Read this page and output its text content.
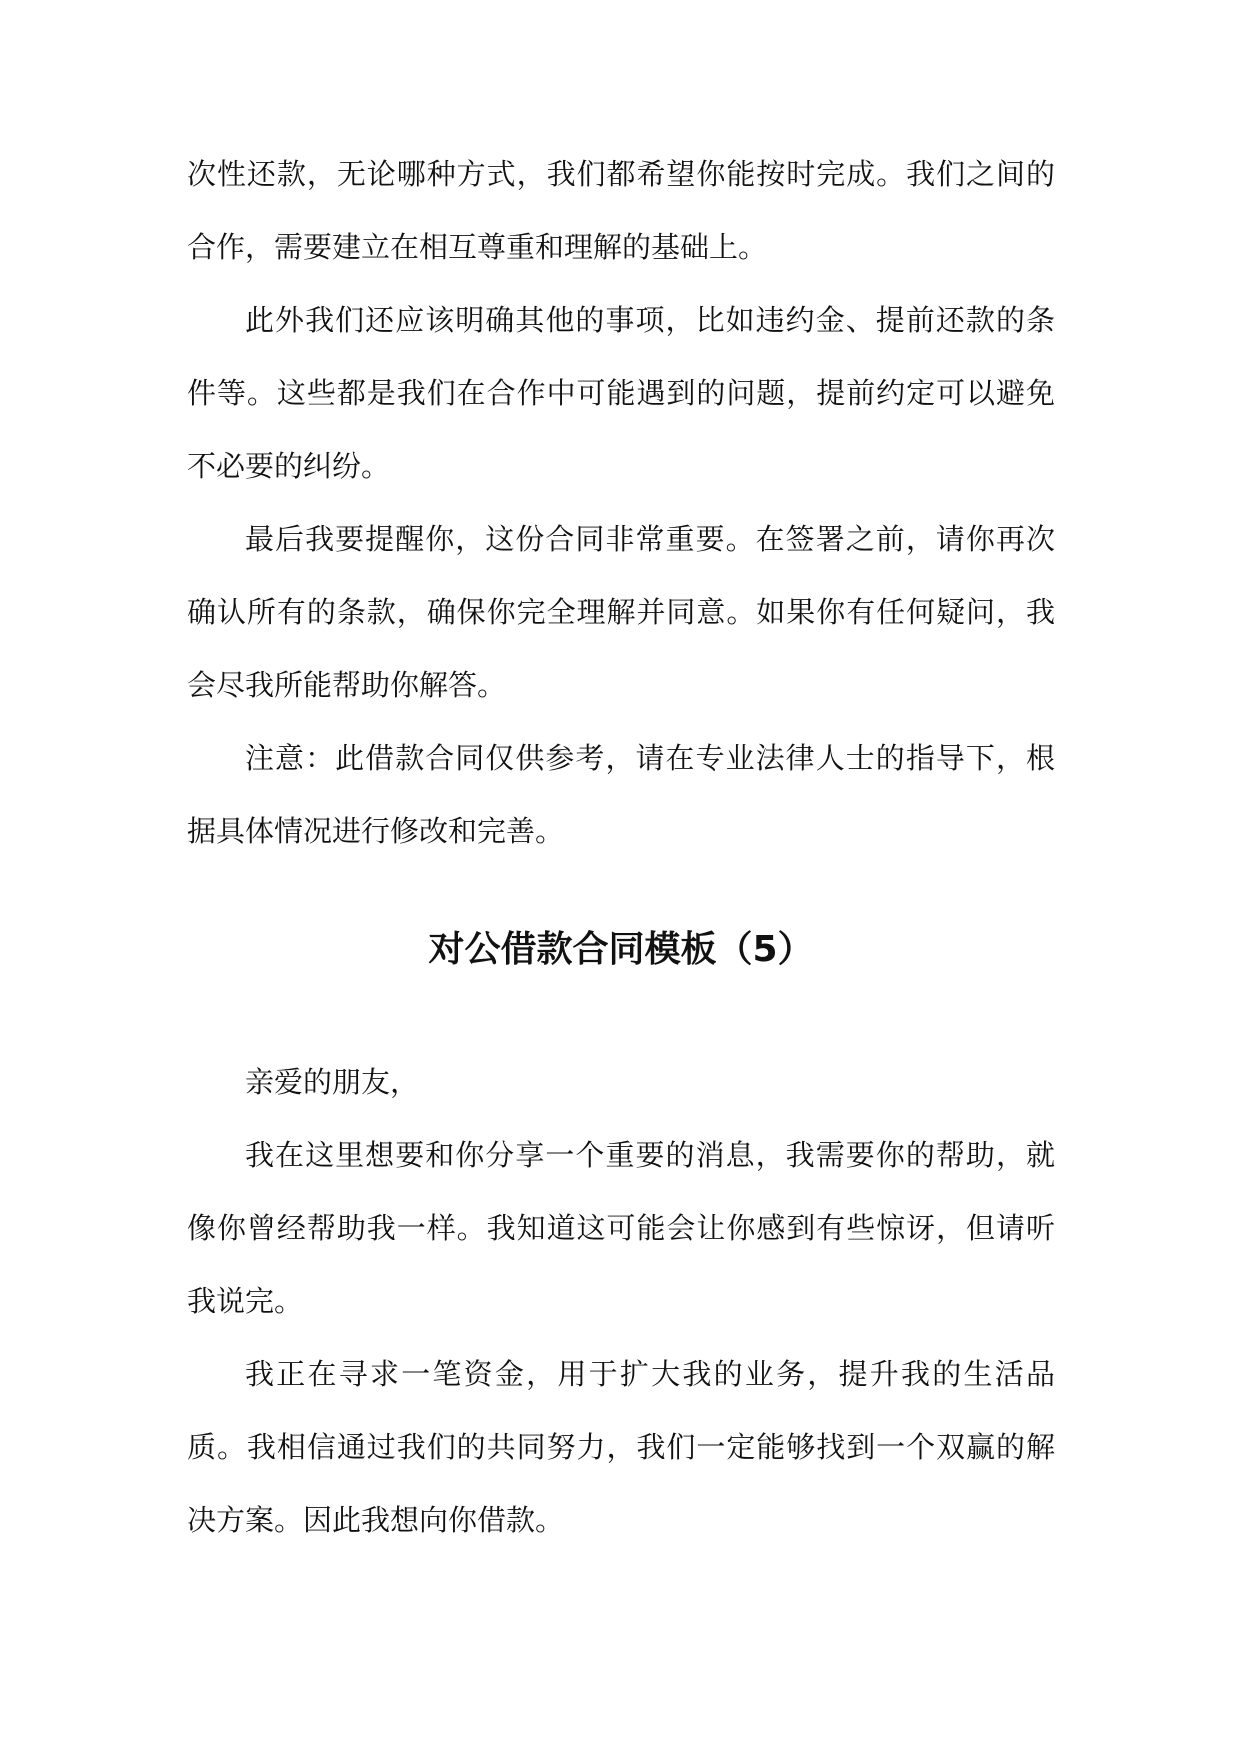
次性还款，无论哪种方式，我们都希望你能按时完成。我们之间的合作，需要建立在相互尊重和理解的基础上。

此外我们还应该明确其他的事项，比如违约金、提前还款的条件等。这些都是我们在合作中可能遇到的问题，提前约定可以避免不必要的纠纷。

最后我要提醒你，这份合同非常重要。在签署之前，请你再次确认所有的条款，确保你完全理解并同意。如果你有任何疑问，我会尽我所能帮助你解答。

注意：此借款合同仅供参考，请在专业法律人士的指导下，根据具体情况进行修改和完善。

对公借款合同模板（5）

亲爱的朋友，

我在这里想要和你分享一个重要的消息，我需要你的帮助，就像你曾经帮助我一样。我知道这可能会让你感到有些惊讶，但请听我说完。

我正在寻求一笔资金，用于扩大我的业务，提升我的生活品质。我相信通过我们的共同努力，我们一定能够找到一个双赢的解决方案。因此我想向你借款。
